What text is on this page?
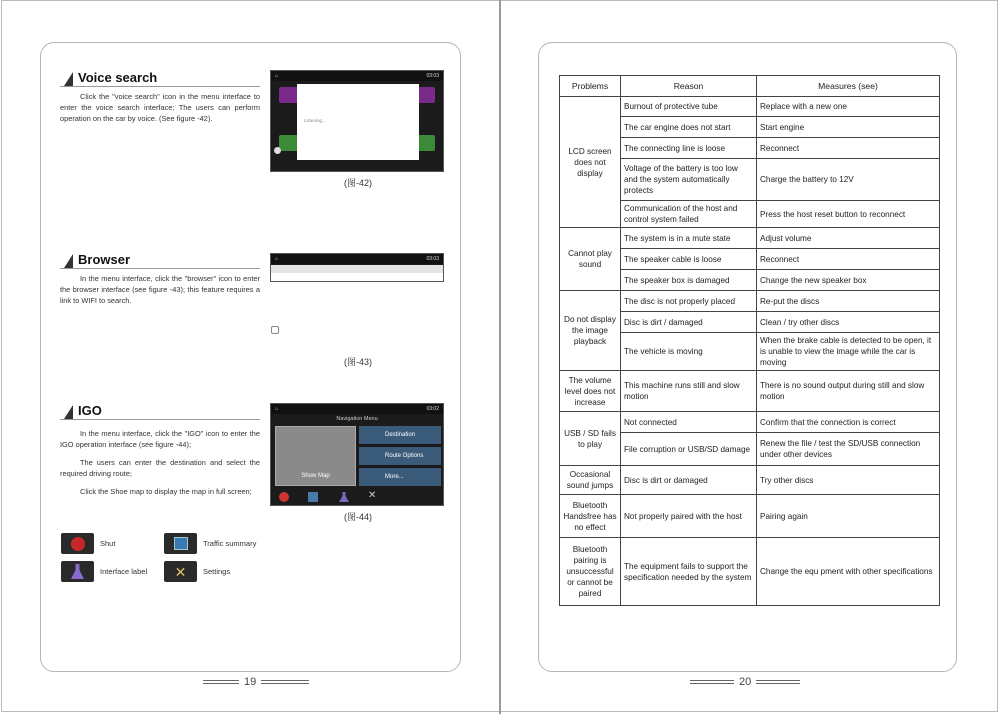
Voice search

Click the "voice search" icon in the menu interface to enter the voice search interface; The users can perform operation on the car by voice. (See figure -42).

⌂	03:03
Listening...
(图-42)
Browser

In the menu interface, click the "browser" icon to enter the browser interface (see figure -43); this feature requires a link to WIFI to search.

⌂	03:03
(图-43)
IGO

In the menu interface, click the "IGO" icon to enter the IGO operation interface (see figure -44);

The users can enter the destination and select the required driving route;

Click the Shoe map to display the map in full screen;

⌂	03:02
Navigation Menu
Show Map
Destination
Route Options
More...
✕
(图-44)
Shut	Traffic summary
Interface label ✕ Settings
19	20
Problems	Reason	Measures (see)
LCD screen does not display	Burnout of protective tube	Replace with a new one
	The car engine does not start	Start engine
	The connecting line is loose	Reconnect
	Voltage of the battery is too low and the system automatically protects	Charge the battery to 12V
	Communication of the host and control system failed	Press the host reset button to reconnect
Cannot play sound	The system is in a mute state	Adjust volume
	The speaker cable is loose	Reconnect
	The speaker box is damaged	Change the new speaker box
Do not display the image playback	The disc is not properly placed	Re-put the discs
	Disc is dirt / damaged	Clean / try other discs
	The vehicle is moving	When the brake cable is detected to be open, it is unable to view the image while the car is moving
The volume level does not increase	This machine runs still and slow motion	There is no sound output during still and slow motion
USB / SD fails to play	Not connected	Confirm that the connection is correct
	File corruption or USB/SD damage	Renew the file / test the SD/USB connection under other devices
Occasional sound jumps	Disc is dirt or damaged	Try other discs
Bluetooth Handsfree has no effect	Not properly paired with the host	Pairing again
Bluetooth pairing is unsuccessful or cannot be paired	The equipment fails to support the specification needed by the system	Change the equ pment with other specifications
